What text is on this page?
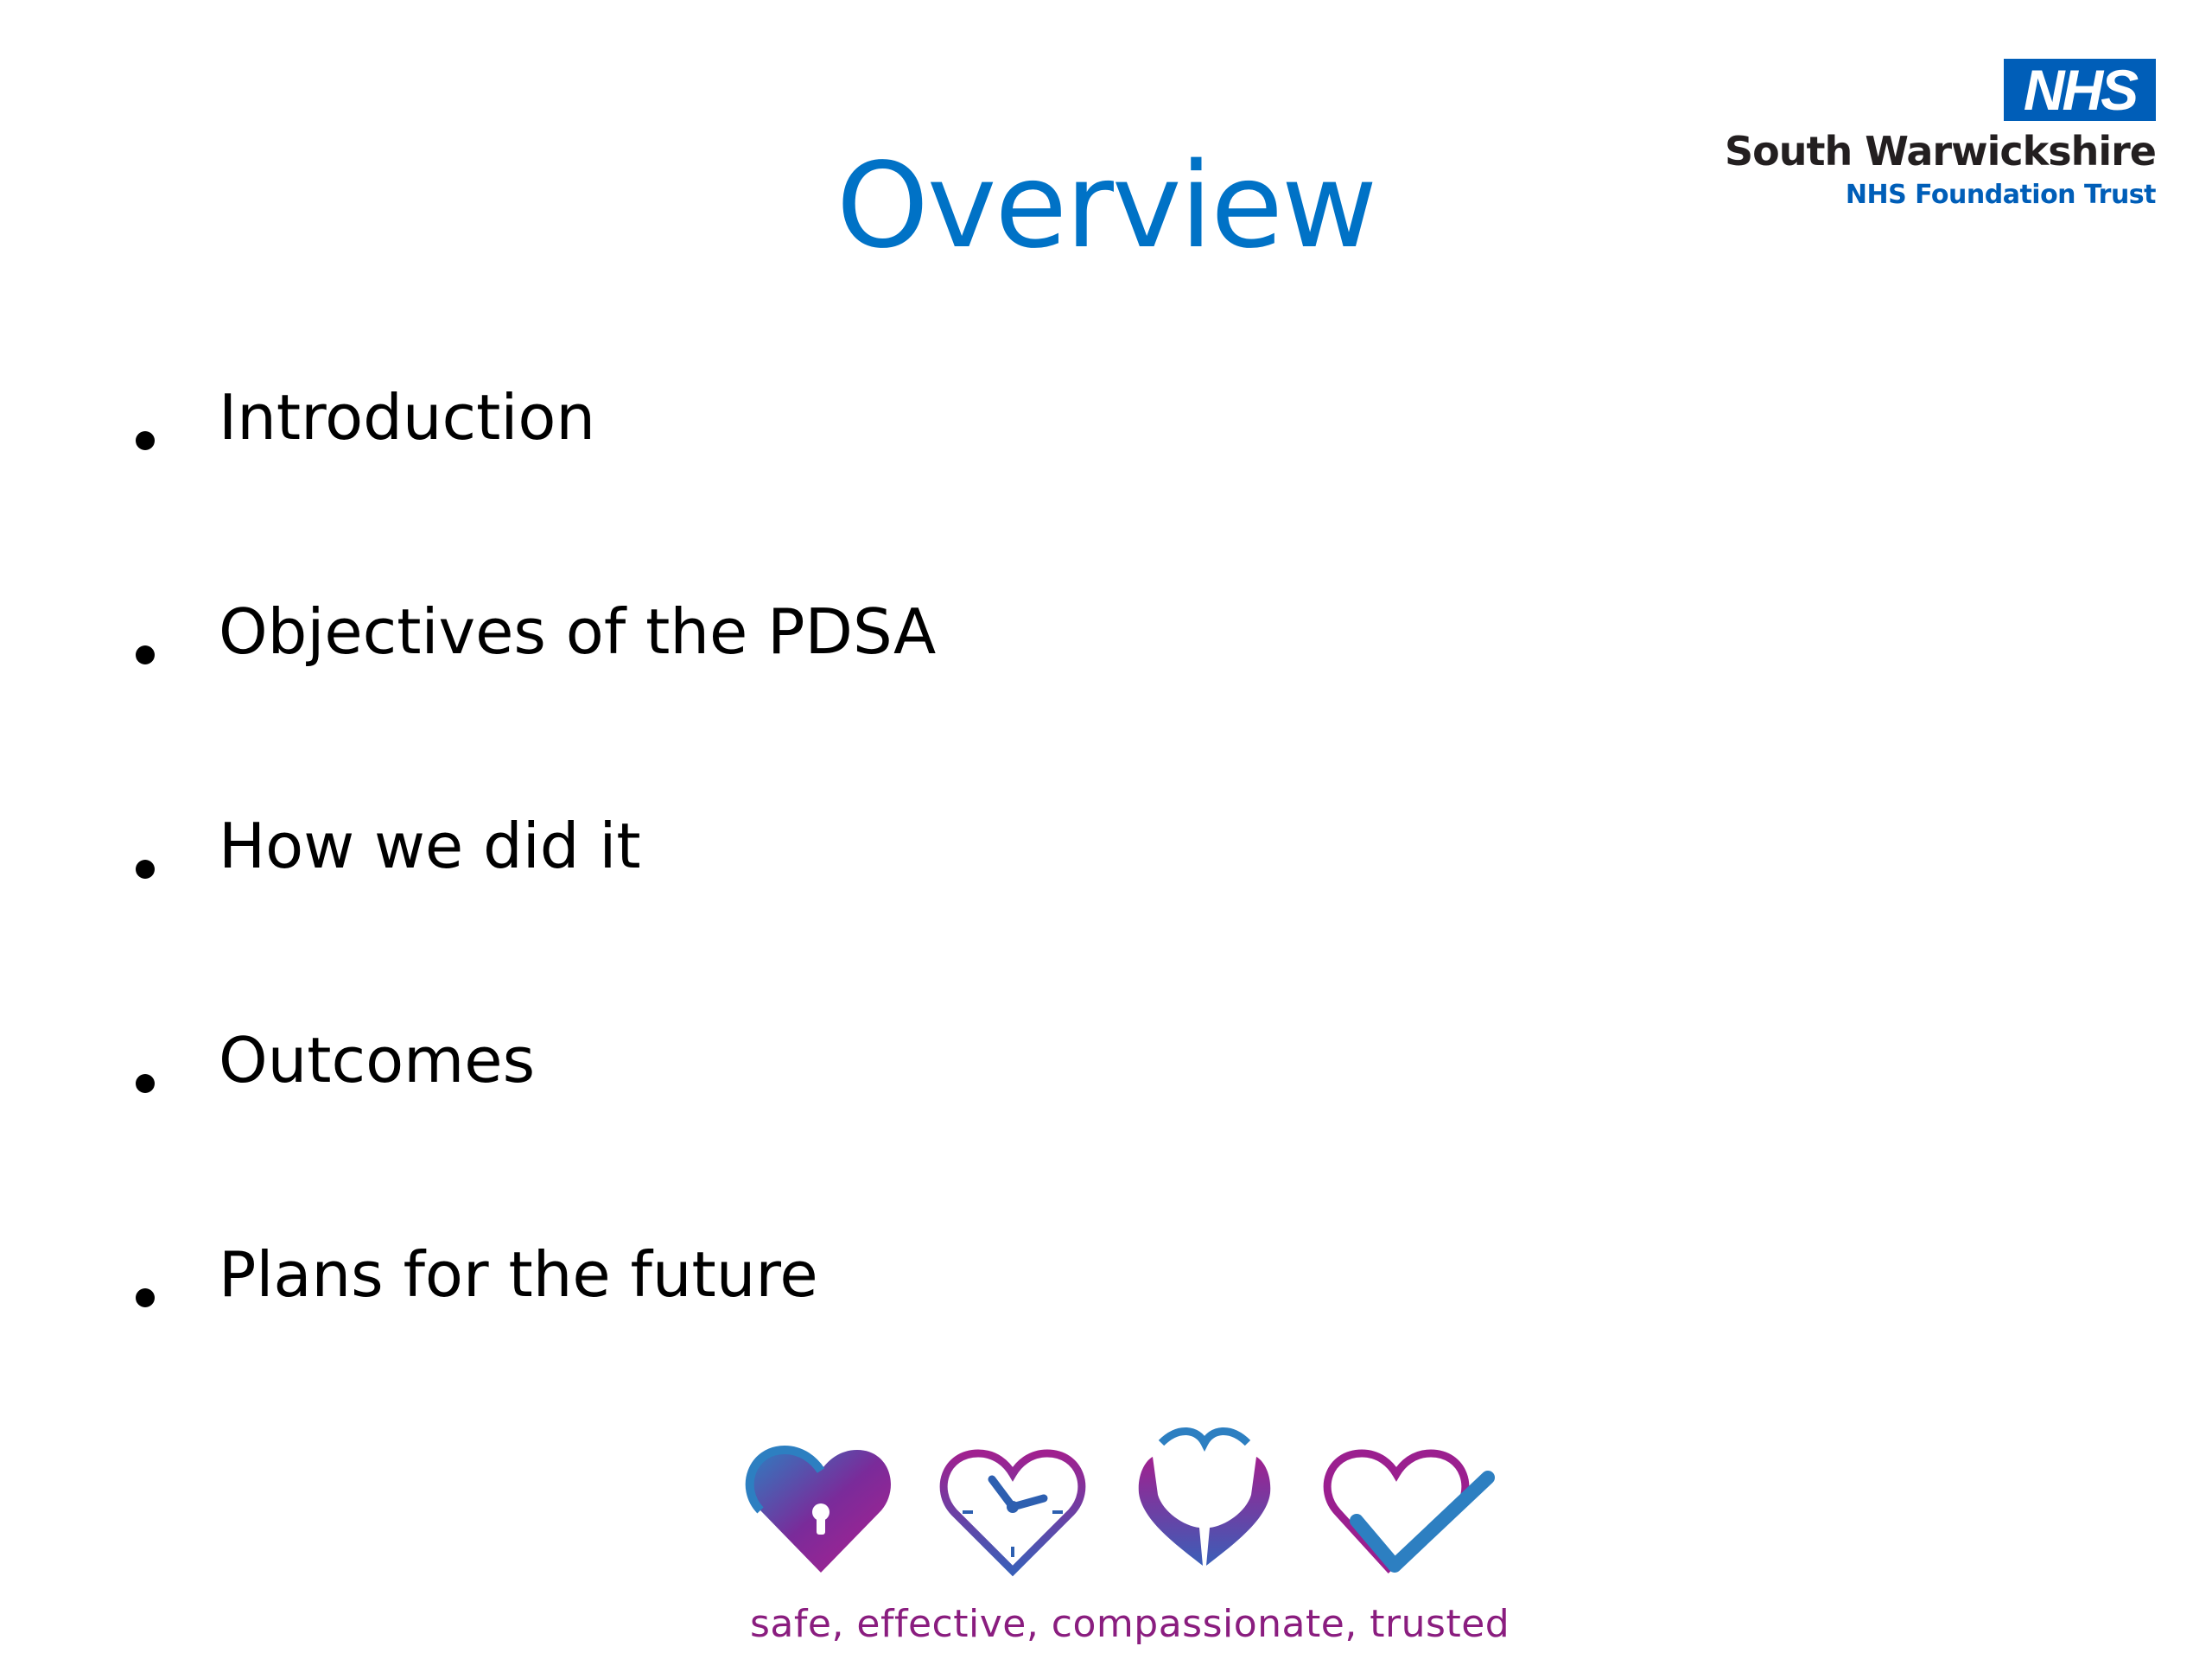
NHS
South Warwickshire
NHS Foundation Trust
Overview
Introduction
Objectives of the PDSA
How we did it
Outcomes
Plans for the future
safe, effective, compassionate, trusted
